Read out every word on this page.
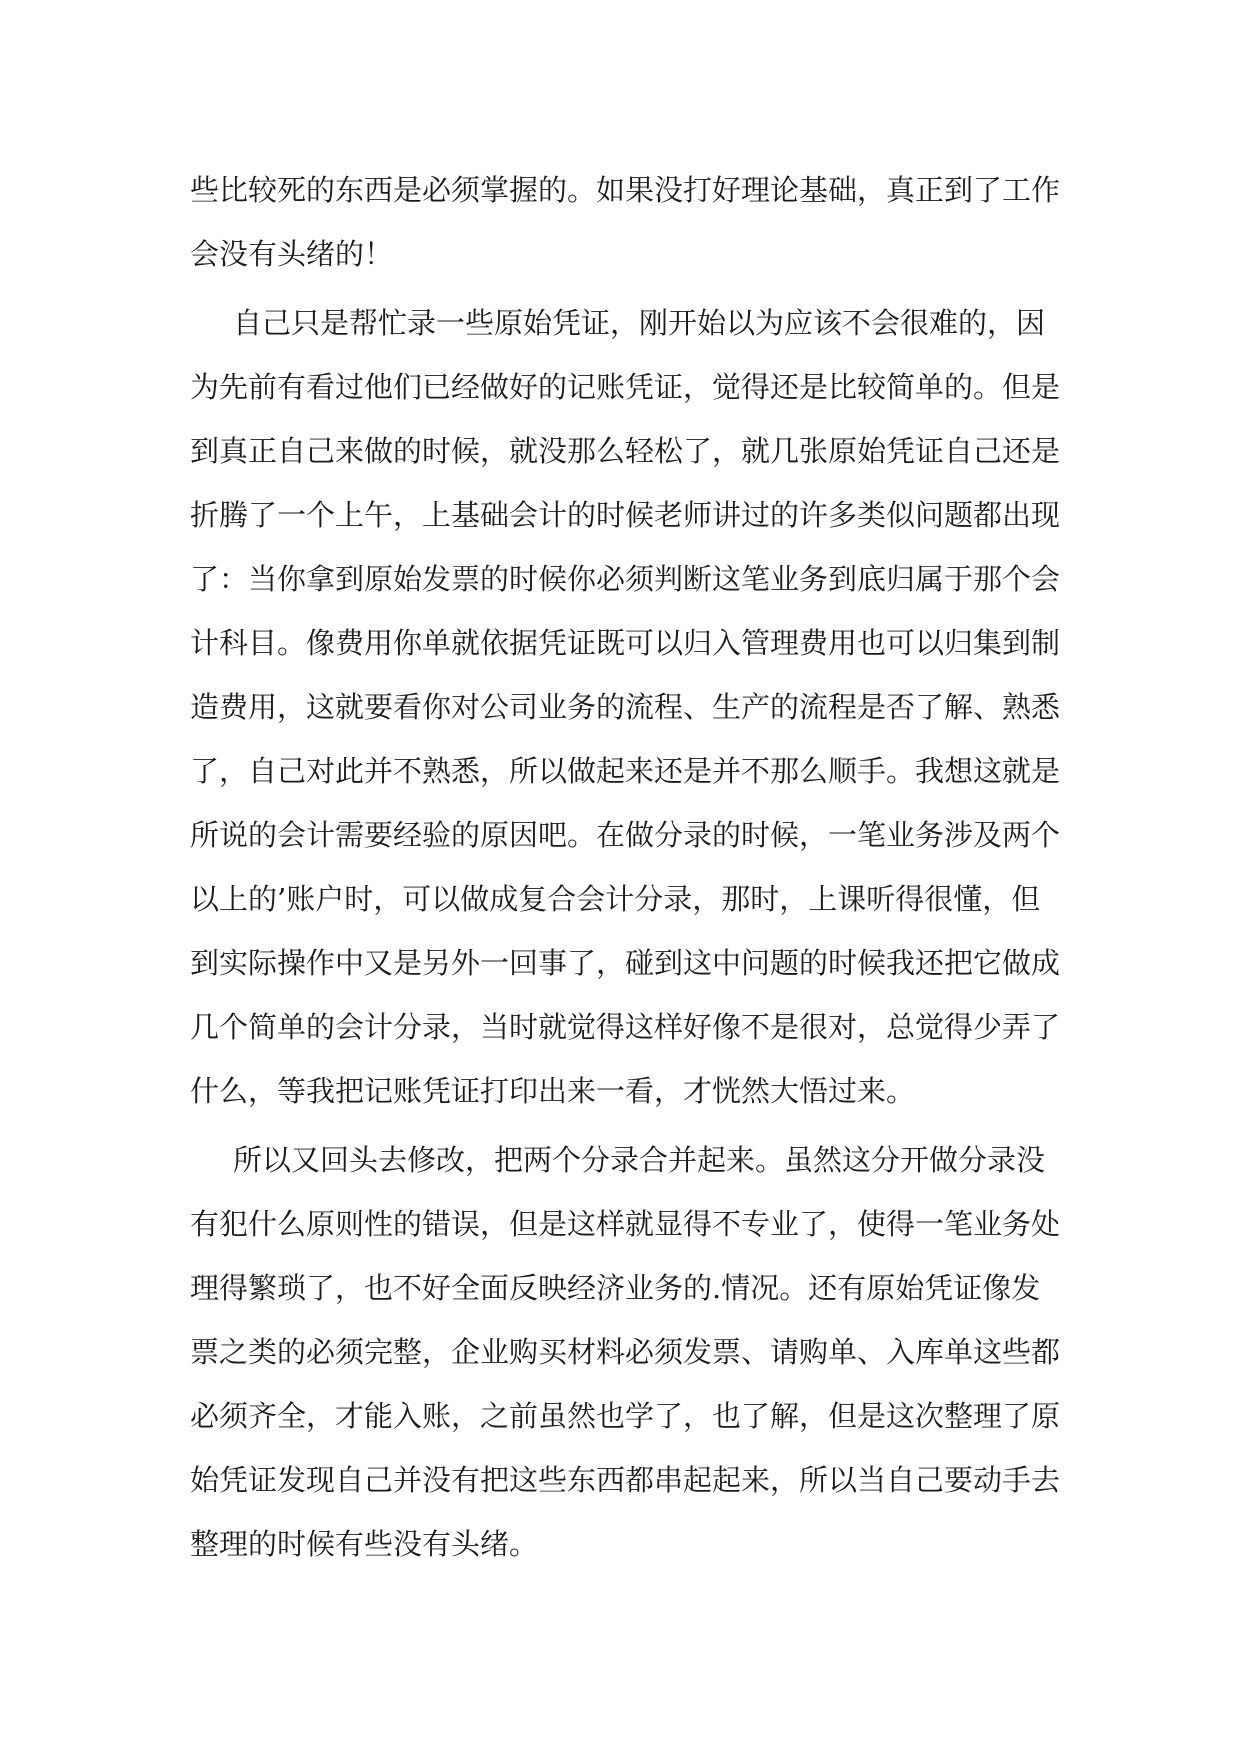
些比较死的东西是必须掌握的。如果没打好理论基础，真正到了工作
会没有头绪的！
自己只是帮忙录一些原始凭证，刚开始以为应该不会很难的，因
为先前有看过他们已经做好的记账凭证，觉得还是比较简单的。但是
到真正自己来做的时候，就没那么轻松了，就几张原始凭证自己还是
折腾了一个上午，上基础会计的时候老师讲过的许多类似问题都出现
了：当你拿到原始发票的时候你必须判断这笔业务到底归属于那个会
计科目。像费用你单就依据凭证既可以归入管理费用也可以归集到制
造费用，这就要看你对公司业务的流程、生产的流程是否了解、熟悉
了，自己对此并不熟悉，所以做起来还是并不那么顺手。我想这就是
所说的会计需要经验的原因吧。在做分录的时候，一笔业务涉及两个
以上的’账户时，可以做成复合会计分录，那时，上课听得很懂，但
到实际操作中又是另外一回事了，碰到这中问题的时候我还把它做成
几个简单的会计分录，当时就觉得这样好像不是很对，总觉得少弄了
什么，等我把记账凭证打印出来一看，才恍然大悟过来。
所以又回头去修改，把两个分录合并起来。虽然这分开做分录没
有犯什么原则性的错误，但是这样就显得不专业了，使得一笔业务处
理得繁琐了，也不好全面反映经济业务的.情况。还有原始凭证像发
票之类的必须完整，企业购买材料必须发票、请购单、入库单这些都
必须齐全，才能入账，之前虽然也学了，也了解，但是这次整理了原
始凭证发现自己并没有把这些东西都串起起来，所以当自己要动手去
整理的时候有些没有头绪。
